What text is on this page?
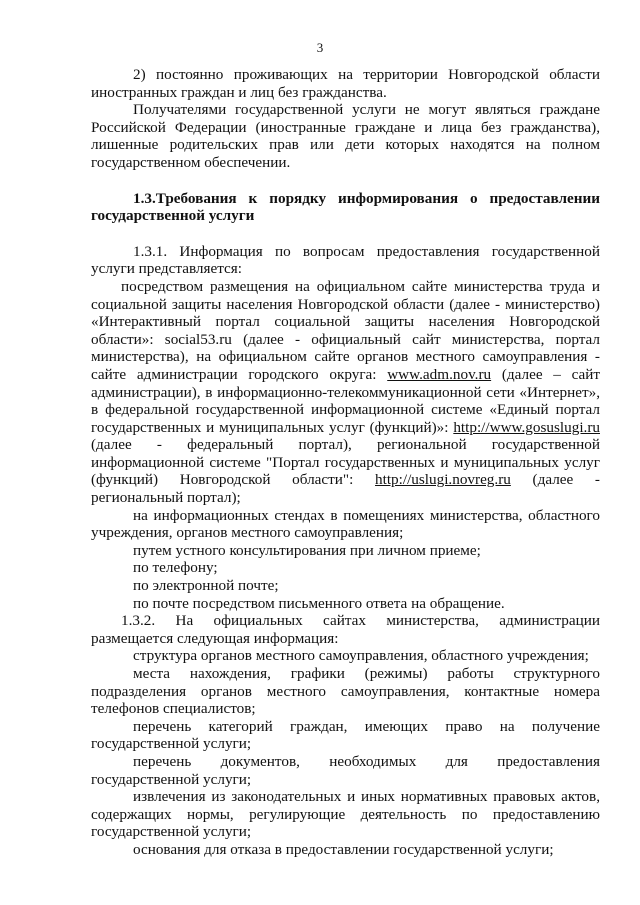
3

2) постоянно проживающих на территории Новгородской области иностранных граждан и лиц без гражданства.

Получателями государственной услуги не могут являться граждане Российской Федерации (иностранные граждане и лица без гражданства), лишенные родительских прав или дети которых находятся на полном государственном обеспечении.

1.3.Требования к порядку информирования о предоставлении государственной услуги

1.3.1. Информация по вопросам предоставления государственной услуги представляется:

посредством размещения на официальном сайте министерства труда и социальной защиты населения Новгородской области (далее - министерство) «Интерактивный портал социальной защиты населения Новгородской области»: social53.ru (далее - официальный сайт министерства, портал министерства), на официальном сайте органов местного самоуправления - сайте администрации городского округа: www.adm.nov.ru (далее – сайт администрации), в информационно-телекоммуникационной сети «Интернет», в федеральной государственной информационной системе «Единый портал государственных и муниципальных услуг (функций)»: http://www.gosuslugi.ru (далее - федеральный портал), региональной государственной информационной системе "Портал государственных и муниципальных услуг (функций) Новгородской области": http://uslugi.novreg.ru (далее - региональный портал);

на информационных стендах в помещениях министерства, областного учреждения, органов местного самоуправления;

путем устного консультирования при личном приеме;

по телефону;

по электронной почте;

по почте посредством письменного ответа на обращение.

1.3.2. На официальных сайтах министерства, администрации размещается следующая информация:

структура органов местного самоуправления, областного учреждения;

места нахождения, графики (режимы) работы структурного подразделения органов местного самоуправления, контактные номера телефонов специалистов;

перечень категорий граждан, имеющих право на получение государственной услуги;

перечень документов, необходимых для предоставления государственной услуги;

извлечения из законодательных и иных нормативных правовых актов, содержащих нормы, регулирующие деятельность по предоставлению государственной услуги;

основания для отказа в предоставлении государственной услуги;
